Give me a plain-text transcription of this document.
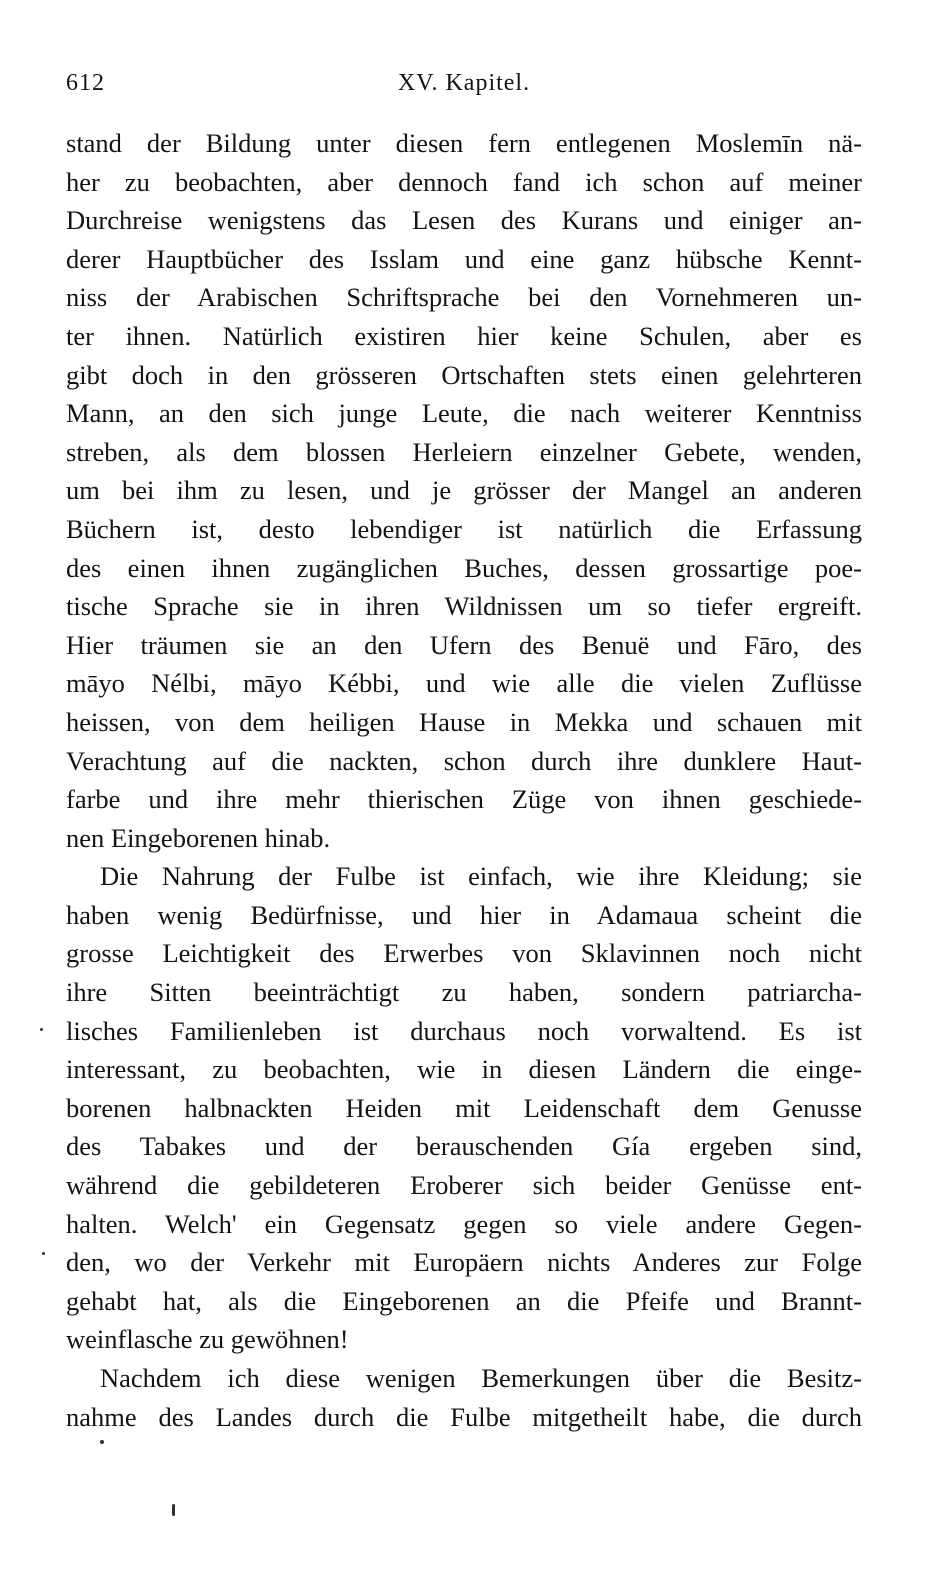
612	XV. Kapitel.
stand der Bildung unter diesen fern entlegenen Moslemīn nä-
her zu beobachten, aber dennoch fand ich schon auf meiner
Durchreise wenigstens das Lesen des Kurans und einiger an-
derer Hauptbücher des Isslam und eine ganz hübsche Kennt-
niss der Arabischen Schriftsprache bei den Vornehmeren un-
ter ihnen. Natürlich existiren hier keine Schulen, aber es
gibt doch in den grösseren Ortschaften stets einen gelehrteren
Mann, an den sich junge Leute, die nach weiterer Kenntniss
streben, als dem blossen Herleiern einzelner Gebete, wenden,
um bei ihm zu lesen, und je grösser der Mangel an anderen
Büchern ist, desto lebendiger ist natürlich die Erfassung
des einen ihnen zugänglichen Buches, dessen grossartige poe-
tische Sprache sie in ihren Wildnissen um so tiefer ergreift.
Hier träumen sie an den Ufern des Benuë und Fāro, des
māyo Nélbi, māyo Kébbi, und wie alle die vielen Zuflüsse
heissen, von dem heiligen Hause in Mekka und schauen mit
Verachtung auf die nackten, schon durch ihre dunklere Haut-
farbe und ihre mehr thierischen Züge von ihnen geschiede-
nen Eingeborenen hinab.
Die Nahrung der Fulbe ist einfach, wie ihre Kleidung; sie
haben wenig Bedürfnisse, und hier in Adamaua scheint die
grosse Leichtigkeit des Erwerbes von Sklavinnen noch nicht
ihre Sitten beeinträchtigt zu haben, sondern patriarcha-
lisches Familienleben ist durchaus noch vorwaltend. Es ist
interessant, zu beobachten, wie in diesen Ländern die einge-
borenen halbnackten Heiden mit Leidenschaft dem Genusse
des Tabakes und der berauschenden Gía ergeben sind,
während die gebildeteren Eroberer sich beider Genüsse ent-
halten. Welch' ein Gegensatz gegen so viele andere Gegen-
den, wo der Verkehr mit Europäern nichts Anderes zur Folge
gehabt hat, als die Eingeborenen an die Pfeife und Brannt-
weinflasche zu gewöhnen!
Nachdem ich diese wenigen Bemerkungen über die Besitz-
nahme des Landes durch die Fulbe mitgetheilt habe, die durch
